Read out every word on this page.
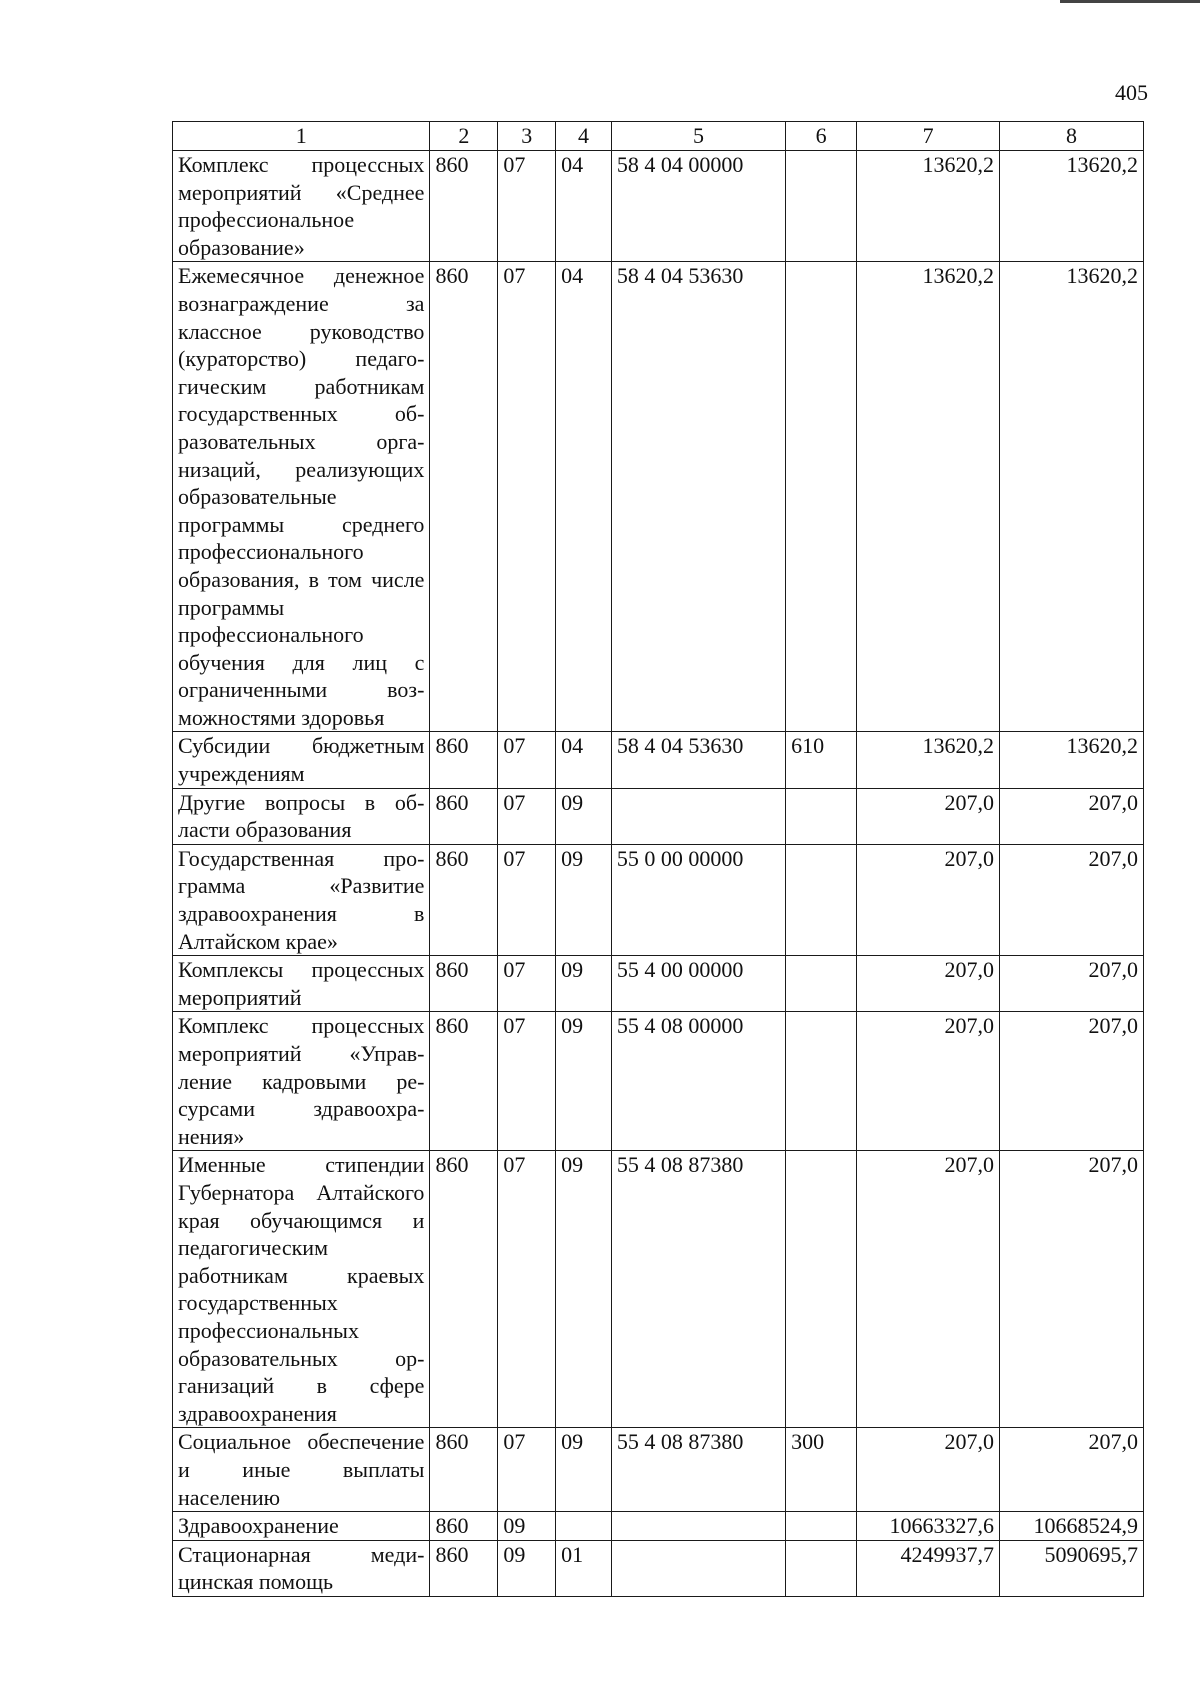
405
1	2	3	4	5	6	7	8
Комплекс процессных мероприятий «Среднее профессиональное образование»	860	07	04	58 4 04 00000		13620,2	13620,2
Ежемесячное денежное вознаграждение за классное руководство (кураторство) педагогическим работникам государственных образовательных организаций, реализующих образовательные программы среднего профессионального образования, в том числе программы профессионального обучения для лиц с ограниченными возможностями здоровья	860	07	04	58 4 04 53630		13620,2	13620,2
Субсидии бюджетным учреждениям	860	07	04	58 4 04 53630	610	13620,2	13620,2
Другие вопросы в области образования	860	07	09			207,0	207,0
Государственная программа «Развитие здравоохранения в Алтайском крае»	860	07	09	55 0 00 00000		207,0	207,0
Комплексы процессных мероприятий	860	07	09	55 4 00 00000		207,0	207,0
Комплекс процессных мероприятий «Управление кадровыми ресурсами здравоохранения»	860	07	09	55 4 08 00000		207,0	207,0
Именные стипендии Губернатора Алтайского края обучающимся и педагогическим работникам краевых государственных профессиональных образовательных организаций в сфере здравоохранения	860	07	09	55 4 08 87380		207,0	207,0
Социальное обеспечение и иные выплаты населению	860	07	09	55 4 08 87380	300	207,0	207,0
Здравоохранение	860	09				10663327,6	10668524,9
Стационарная медицинская помощь	860	09	01			4249937,7	5090695,7
